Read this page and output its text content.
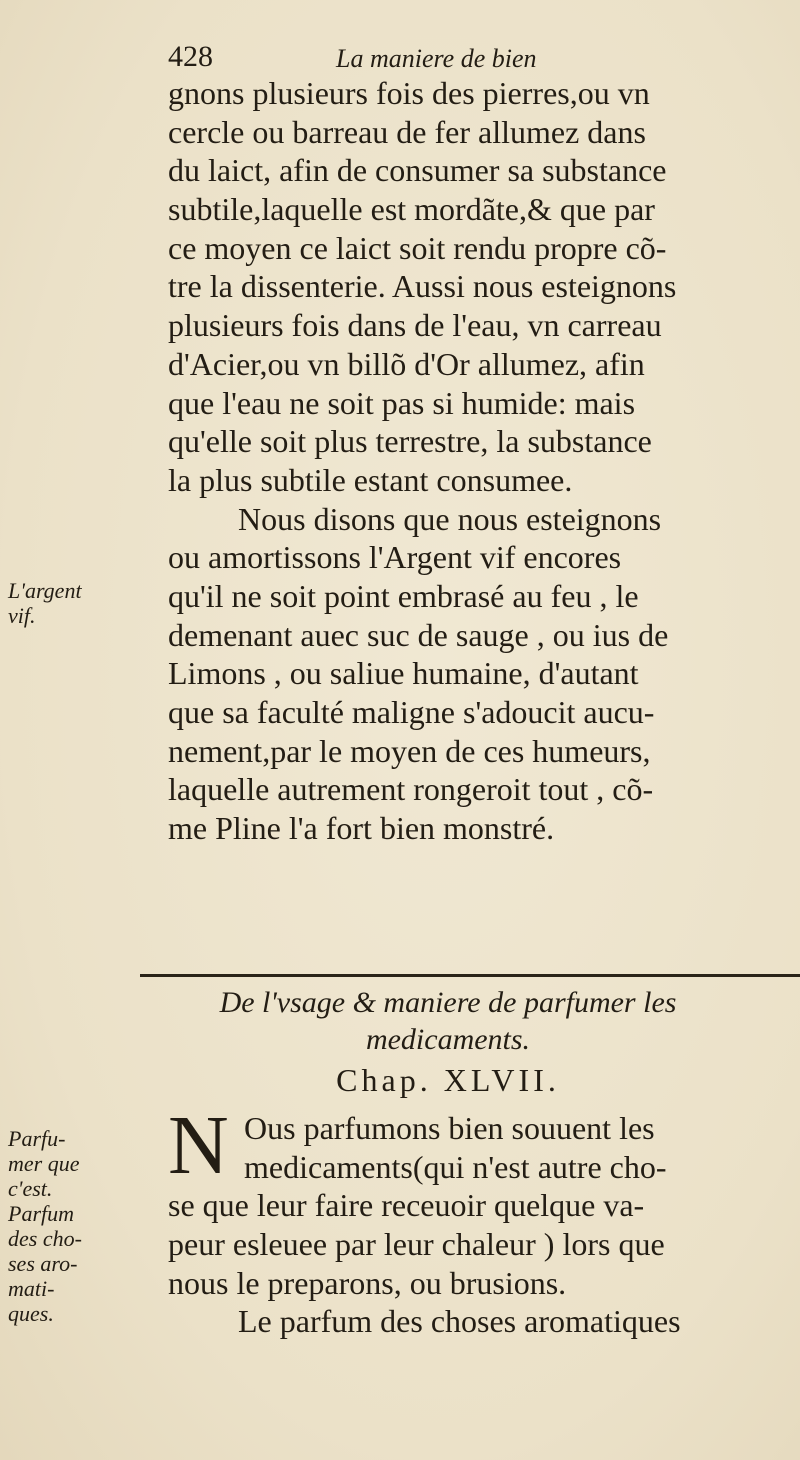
428	La maniere de bien
gnons plusieurs fois des pierres,ou vn
cercle ou barreau de fer allumez dans
du laict, afin de consumer sa substance
subtile,laquelle est mordãte,& que par
ce moyen ce laict soit rendu propre cõ-
tre la dissenterie. Aussi nous esteignons
plusieurs fois dans de l'eau, vn carreau
d'Acier,ou vn billõ d'Or allumez, afin
que l'eau ne soit pas si humide: mais
qu'elle soit plus terrestre, la substance
la plus subtile estant consumee.
Nous disons que nous esteignons
ou amortissons l'Argent vif encores
qu'il ne soit point embrasé au feu , le
demenant auec suc de sauge , ou ius de
Limons , ou saliue humaine, d'autant
que sa faculté maligne s'adoucit aucu-
nement,par le moyen de ces humeurs,
laquelle autrement rongeroit tout , cõ-
me Pline l'a fort bien monstré.
L'argent
vif.
De l'vsage & maniere de parfumer les
medicaments.
Chap. XLVII.
N Ous parfumons bien souuent les
medicaments(qui n'est autre cho-
se que leur faire receuoir quelque va-
peur esleuee par leur chaleur ) lors que
nous le preparons, ou brusions.
Le parfum des choses aromatiques
Parfu-
mer que
c'est.
Parfum
des cho-
ses aro-
mati-
ques.
